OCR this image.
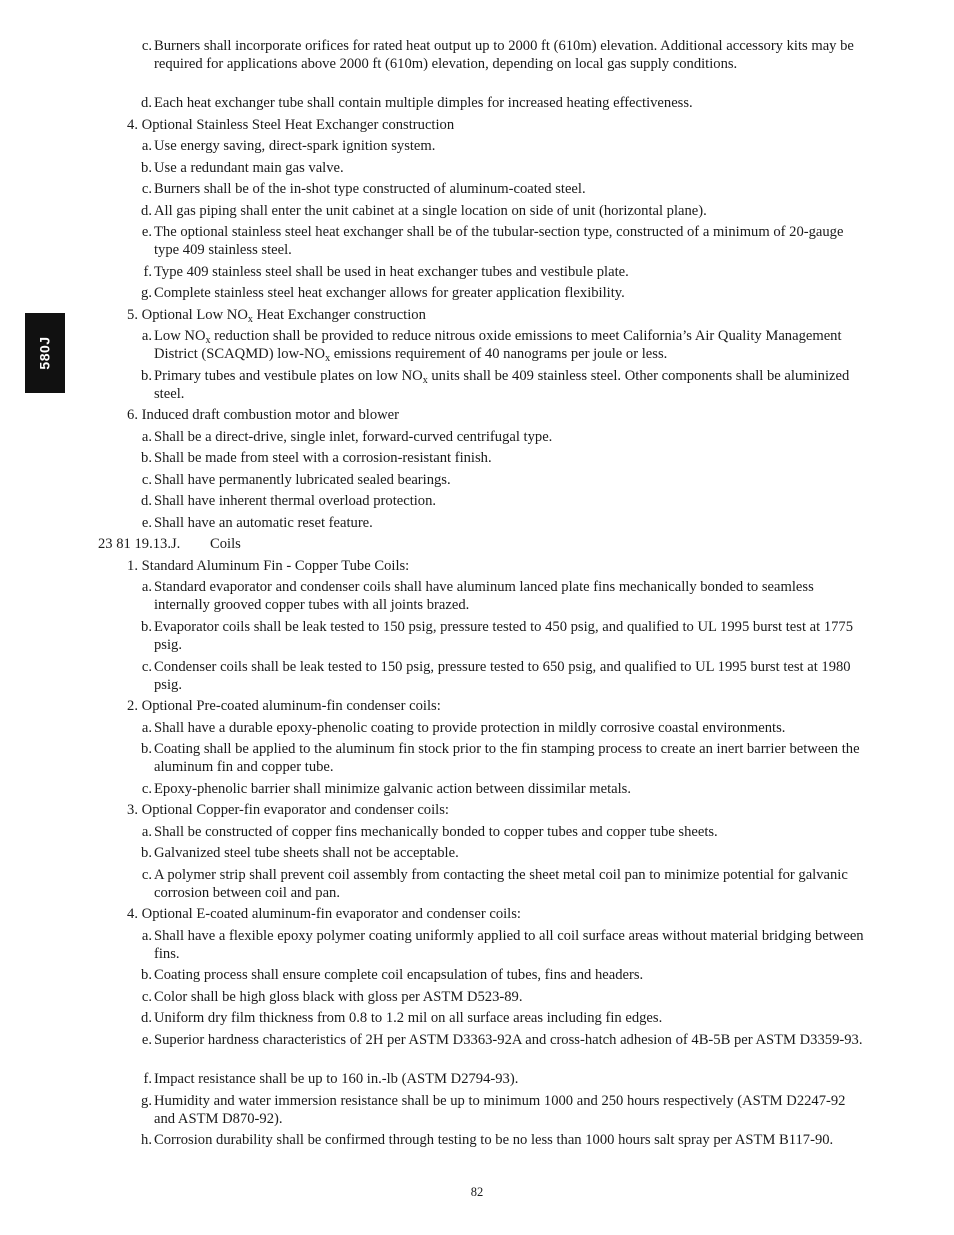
580J
c. Burners shall incorporate orifices for rated heat output up to 2000 ft (610m) elevation. Additional accessory kits may be required for applications above 2000 ft (610m) elevation, depending on local gas supply conditions.
d. Each heat exchanger tube shall contain multiple dimples for increased heating effectiveness.
4. Optional Stainless Steel Heat Exchanger construction
a. Use energy saving, direct-spark ignition system.
b. Use a redundant main gas valve.
c. Burners shall be of the in-shot type constructed of aluminum-coated steel.
d. All gas piping shall enter the unit cabinet at a single location on side of unit (horizontal plane).
e. The optional stainless steel heat exchanger shall be of the tubular-section type, constructed of a minimum of 20-gauge type 409 stainless steel.
f. Type 409 stainless steel shall be used in heat exchanger tubes and vestibule plate.
g. Complete stainless steel heat exchanger allows for greater application flexibility.
5. Optional Low $NO_x$ Heat Exchanger construction
a. Low $NO_x$ reduction shall be provided to reduce nitrous oxide emissions to meet California’s Air Quality Management District (SCAQMD) low-$NO_x$ emissions requirement of 40 nanograms per joule or less.
b. Primary tubes and vestibule plates on low $NO_x$ units shall be 409 stainless steel. Other components shall be aluminized steel.
6. Induced draft combustion motor and blower
a. Shall be a direct-drive, single inlet, forward-curved centrifugal type.
b. Shall be made from steel with a corrosion-resistant finish.
c. Shall have permanently lubricated sealed bearings.
d. Shall have inherent thermal overload protection.
e. Shall have an automatic reset feature.
23 81 19.13.J. Coils
1. Standard Aluminum Fin - Copper Tube Coils:
a. Standard evaporator and condenser coils shall have aluminum lanced plate fins mechanically bonded to seamless internally grooved copper tubes with all joints brazed.
b. Evaporator coils shall be leak tested to 150 psig, pressure tested to 450 psig, and qualified to UL 1995 burst test at 1775 psig.
c. Condenser coils shall be leak tested to 150 psig, pressure tested to 650 psig, and qualified to UL 1995 burst test at 1980 psig.
2. Optional Pre-coated aluminum-fin condenser coils:
a. Shall have a durable epoxy-phenolic coating to provide protection in mildly corrosive coastal environments.
b. Coating shall be applied to the aluminum fin stock prior to the fin stamping process to create an inert barrier between the aluminum fin and copper tube.
c. Epoxy-phenolic barrier shall minimize galvanic action between dissimilar metals.
3. Optional Copper-fin evaporator and condenser coils:
a. Shall be constructed of copper fins mechanically bonded to copper tubes and copper tube sheets.
b. Galvanized steel tube sheets shall not be acceptable.
c. A polymer strip shall prevent coil assembly from contacting the sheet metal coil pan to minimize potential for galvanic corrosion between coil and pan.
4. Optional E-coated aluminum-fin evaporator and condenser coils:
a. Shall have a flexible epoxy polymer coating uniformly applied to all coil surface areas without material bridging between fins.
b. Coating process shall ensure complete coil encapsulation of tubes, fins and headers.
c. Color shall be high gloss black with gloss per ASTM D523-89.
d. Uniform dry film thickness from 0.8 to 1.2 mil on all surface areas including fin edges.
e. Superior hardness characteristics of 2H per ASTM D3363-92A and cross-hatch adhesion of 4B-5B per ASTM D3359-93.
f. Impact resistance shall be up to 160 in.-lb (ASTM D2794-93).
g. Humidity and water immersion resistance shall be up to minimum 1000 and 250 hours respectively (ASTM D2247-92 and ASTM D870-92).
h. Corrosion durability shall be confirmed through testing to be no less than 1000 hours salt spray per ASTM B117-90.
82
